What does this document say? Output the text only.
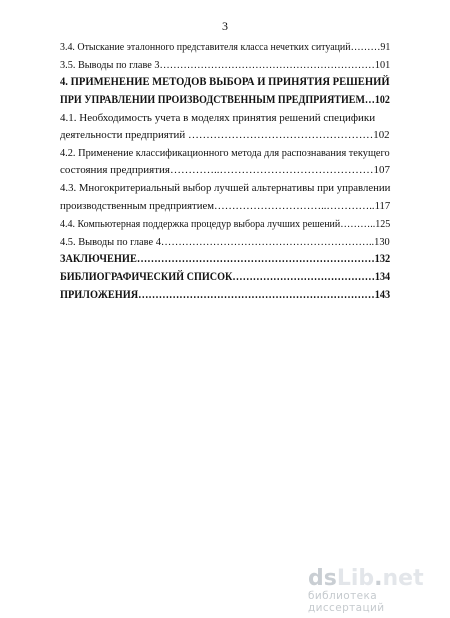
3
3.4. Отыскание эталонного представителя класса нечетких ситуаций………91
3.5. Выводы по главе 3………………………………………………………101
4. ПРИМЕНЕНИЕ МЕТОДОВ ВЫБОРА И ПРИНЯТИЯ РЕШЕНИЙ
ПРИ УПРАВЛЕНИИ ПРОИЗВОДСТВЕННЫМ ПРЕДПРИЯТИЕМ…102
4.1. Необходимость учета в моделях принятия решений специфики
деятельности предприятий ……………………………………………102
4.2. Применение классификационного метода для распознавания текущего
состояния предприятия…………..……………………………………107
4.3. Многокритериальный выбор лучшей альтернативы при управлении
производственным предприятием…………………………..…………..117
4.4. Компьютерная поддержка процедур выбора лучших решений………..125
4.5. Выводы по главе 4……………………………………………………..130
ЗАКЛЮЧЕНИЕ……………………………………………………………132
БИБЛИОГРАФИЧЕСКИЙ СПИСОК……………………………………134
ПРИЛОЖЕНИЯ……………………………………………………………143
dsLib.net
библиотека диссертаций
